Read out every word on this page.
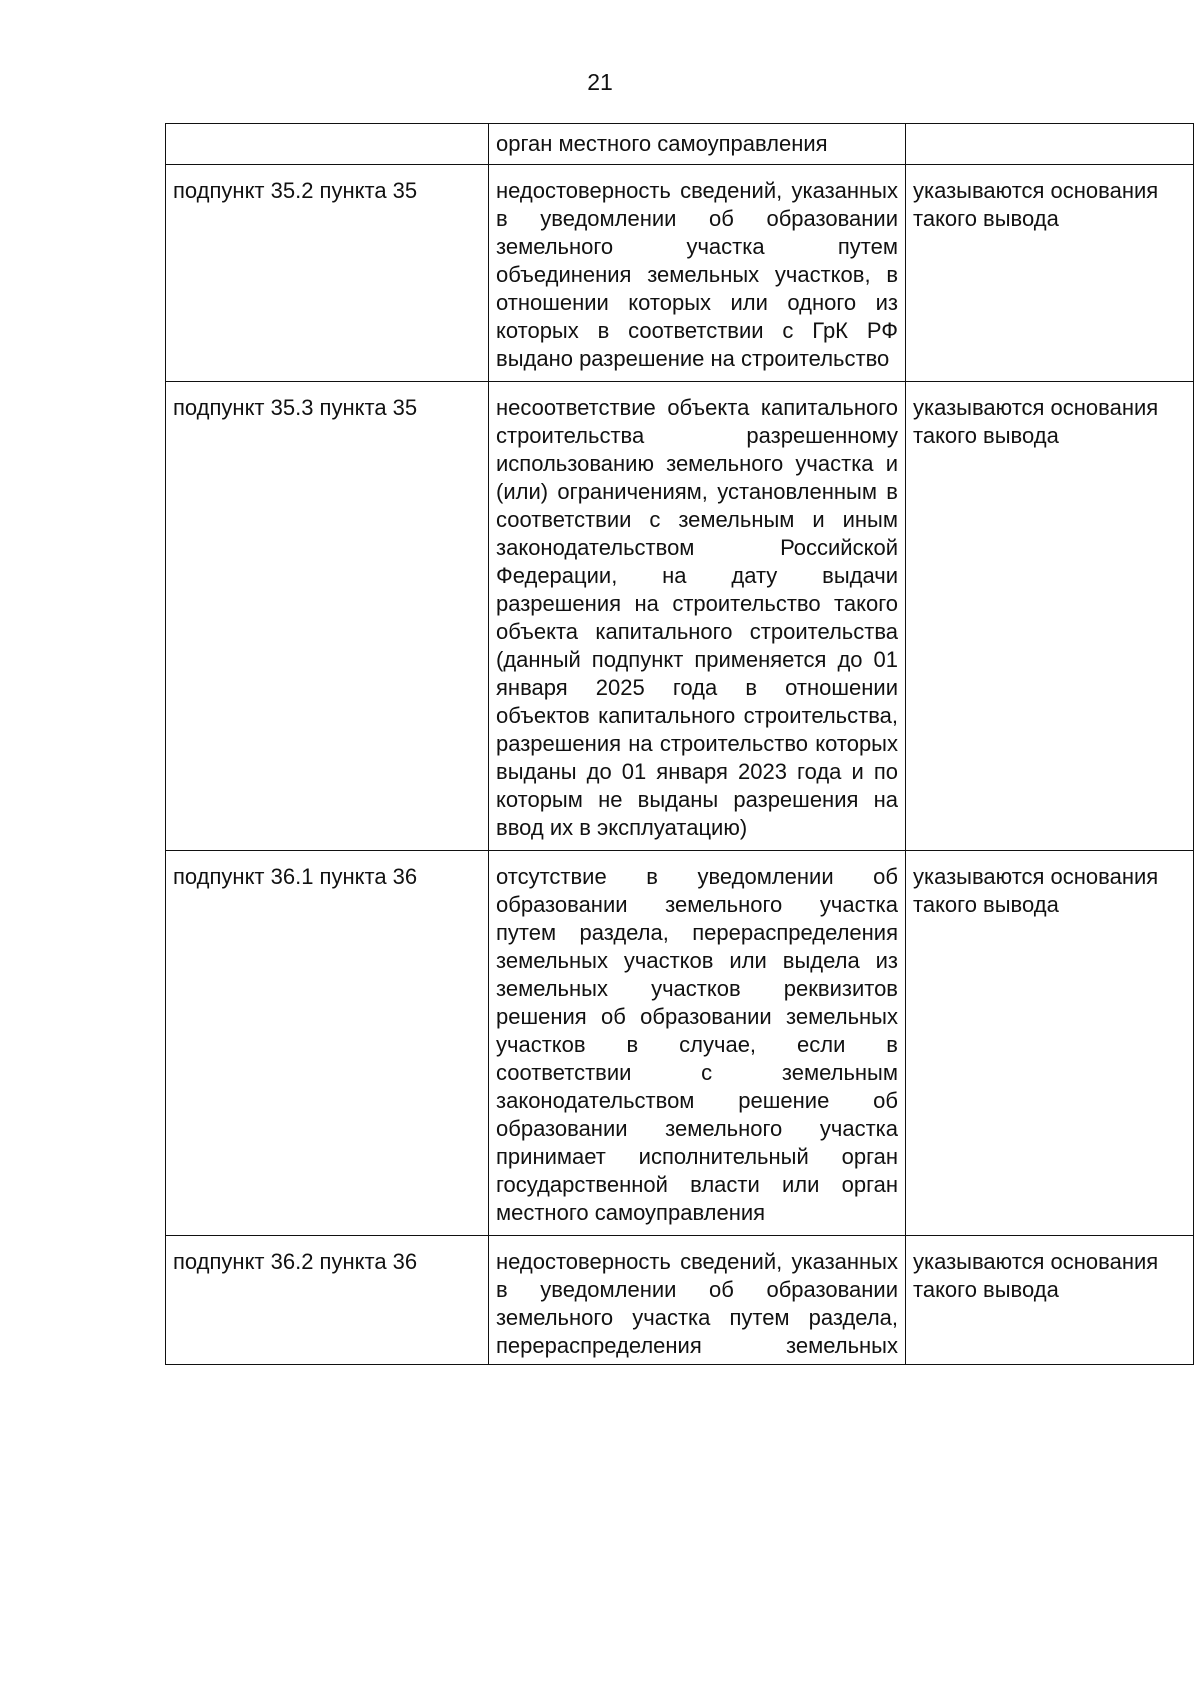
21
	орган местного самоуправления	
подпункт 35.2 пункта 35	недостоверность сведений, указанных в уведомлении об образовании земельного участка путем объединения земельных участков, в отношении которых или одного из которых в соответствии с ГрК РФ выдано разрешение на строительство	указываются основания такого вывода
подпункт 35.3 пункта 35	несоответствие объекта капитального строительства разрешенному использованию земельного участка и (или) ограничениям, установленным в соответствии с земельным и иным законодательством Российской Федерации, на дату выдачи разрешения на строительство такого объекта капитального строительства (данный подпункт применяется до 01 января 2025 года в отношении объектов капитального строительства, разрешения на строительство которых выданы до 01 января 2023 года и по которым не выданы разрешения на ввод их в эксплуатацию)	указываются основания такого вывода
подпункт 36.1 пункта 36	отсутствие в уведомлении об образовании земельного участка путем раздела, перераспределения земельных участков или выдела из земельных участков реквизитов решения об образовании земельных участков в случае, если в соответствии с земельным законодательством решение об образовании земельного участка принимает исполнительный орган государственной власти или орган местного самоуправления	указываются основания такого вывода
подпункт 36.2 пункта 36	недостоверность сведений, указанных в уведомлении об образовании земельного участка путем раздела, перераспределения земельных	указываются основания такого вывода
